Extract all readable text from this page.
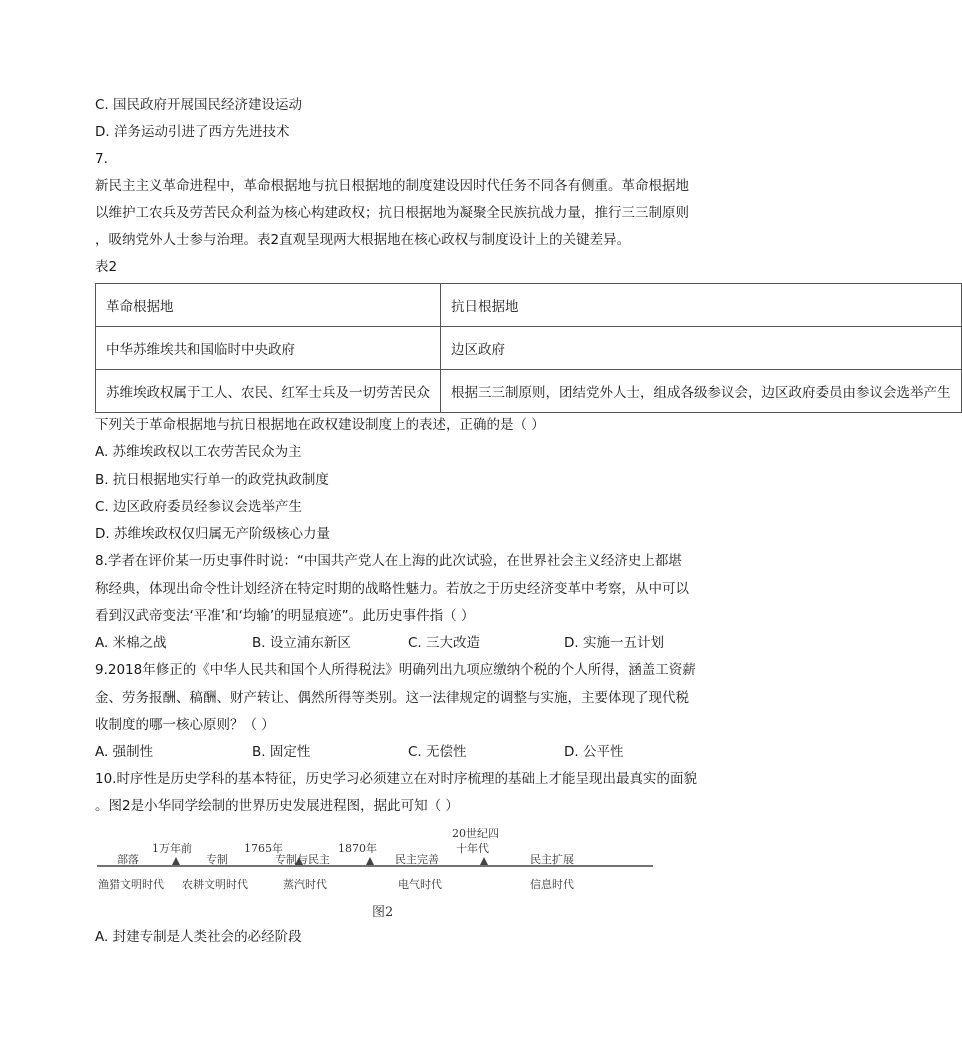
C. 国民政府开展国民经济建设运动
D. 洋务运动引进了西方先进技术
7.
新民主主义革命进程中，革命根据地与抗日根据地的制度建设因时代任务不同各有侧重。革命根据地
以维护工农兵及劳苦民众利益为核心构建政权；抗日根据地为凝聚全民族抗战力量，推行三三制原则
，吸纳党外人士参与治理。表2直观呈现两大根据地在核心政权与制度设计上的关键差异。
表2
革命根据地	抗日根据地
中华苏维埃共和国临时中央政府	边区政府
苏维埃政权属于工人、农民、红军士兵及一切劳苦民众	根据三三制原则，团结党外人士，组成各级参议会，边区政府委员由参议会选举产生
下列关于革命根据地与抗日根据地在政权建设制度上的表述，正确的是（ ）
A. 苏维埃政权以工农劳苦民众为主
B. 抗日根据地实行单一的政党执政制度
C. 边区政府委员经参议会选举产生
D. 苏维埃政权仅归属无产阶级核心力量
8.学者在评价某一历史事件时说：“中国共产党人在上海的此次试验，在世界社会主义经济史上都堪
称经典，体现出命令性计划经济在特定时期的战略性魅力。若放之于历史经济变革中考察，从中可以
看到汉武帝变法‘平准’和‘均输’的明显痕迹”。此历史事件指（ ）
A. 米棉之战	B. 设立浦东新区	C. 三大改造	D. 实施一五计划
9.2018年修正的《中华人民共和国个人所得税法》明确列出九项应缴纳个税的个人所得，涵盖工资薪
金、劳务报酬、稿酬、财产转让、偶然所得等类别。这一法律规定的调整与实施，主要体现了现代税
收制度的哪一核心原则？（ ）
A. 强制性	B. 固定性	C. 无偿性	D. 公平性
10.时序性是历史学科的基本特征，历史学习必须建立在对时序梳理的基础上才能呈现出最真实的面貌
。图2是小华同学绘制的世界历史发展进程图，据此可知（ ）
部落
1万年前
专制
1765年
专制与民主
1870年
民主完善
20世纪四
十年代
民主扩展
渔猎文明时代 农耕文明时代	蒸汽时代	电气时代	信息时代
图2
A. 封建专制是人类社会的必经阶段
